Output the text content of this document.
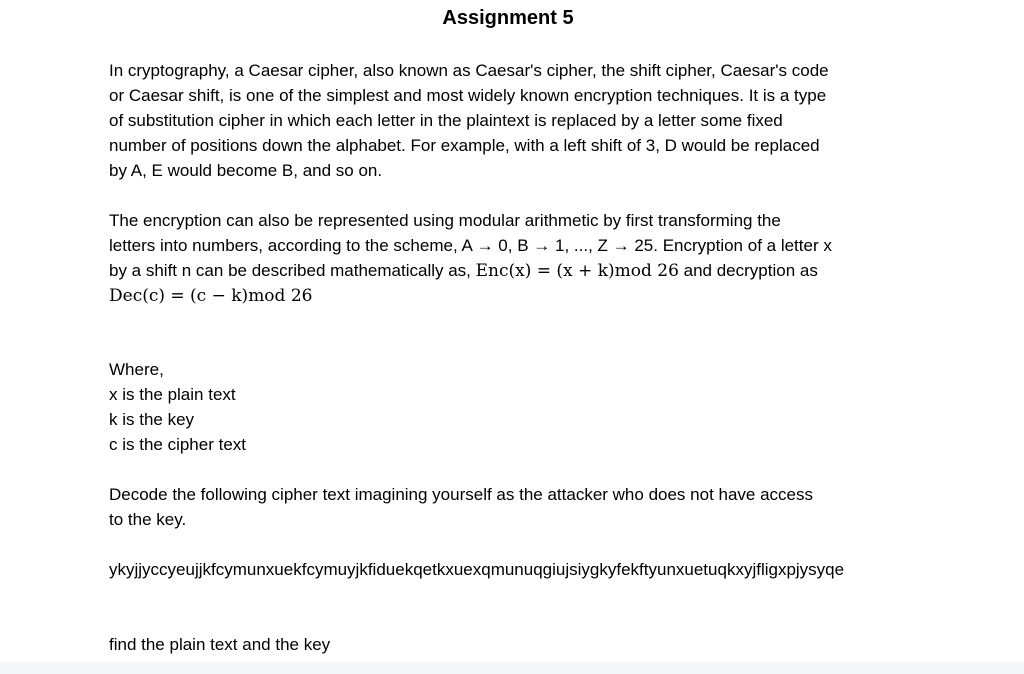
Assignment 5

In cryptography, a Caesar cipher, also known as Caesar's cipher, the shift cipher, Caesar's code
or Caesar shift, is one of the simplest and most widely known encryption techniques. It is a type
of substitution cipher in which each letter in the plaintext is replaced by a letter some fixed
number of positions down the alphabet. For example, with a left shift of 3, D would be replaced
by A, E would become B, and so on.

The encryption can also be represented using modular arithmetic by first transforming the
letters into numbers, according to the scheme, A → 0, B → 1, ..., Z → 25. Encryption of a letter x
by a shift n can be described mathematically as, Enc(x) = (x + k)mod 26 and decryption as
Dec(c) = (c − k)mod 26

Where,
x is the plain text
k is the key
c is the cipher text

Decode the following cipher text imagining yourself as the attacker who does not have access
to the key.

ykyjjyccyeujjkfcymunxuekfcymuyjkfiduekqetkxuexqmunuqgiujsiygkyfekftyunxuetuqkxyjfligxpjysyqe

find the plain text and the key
